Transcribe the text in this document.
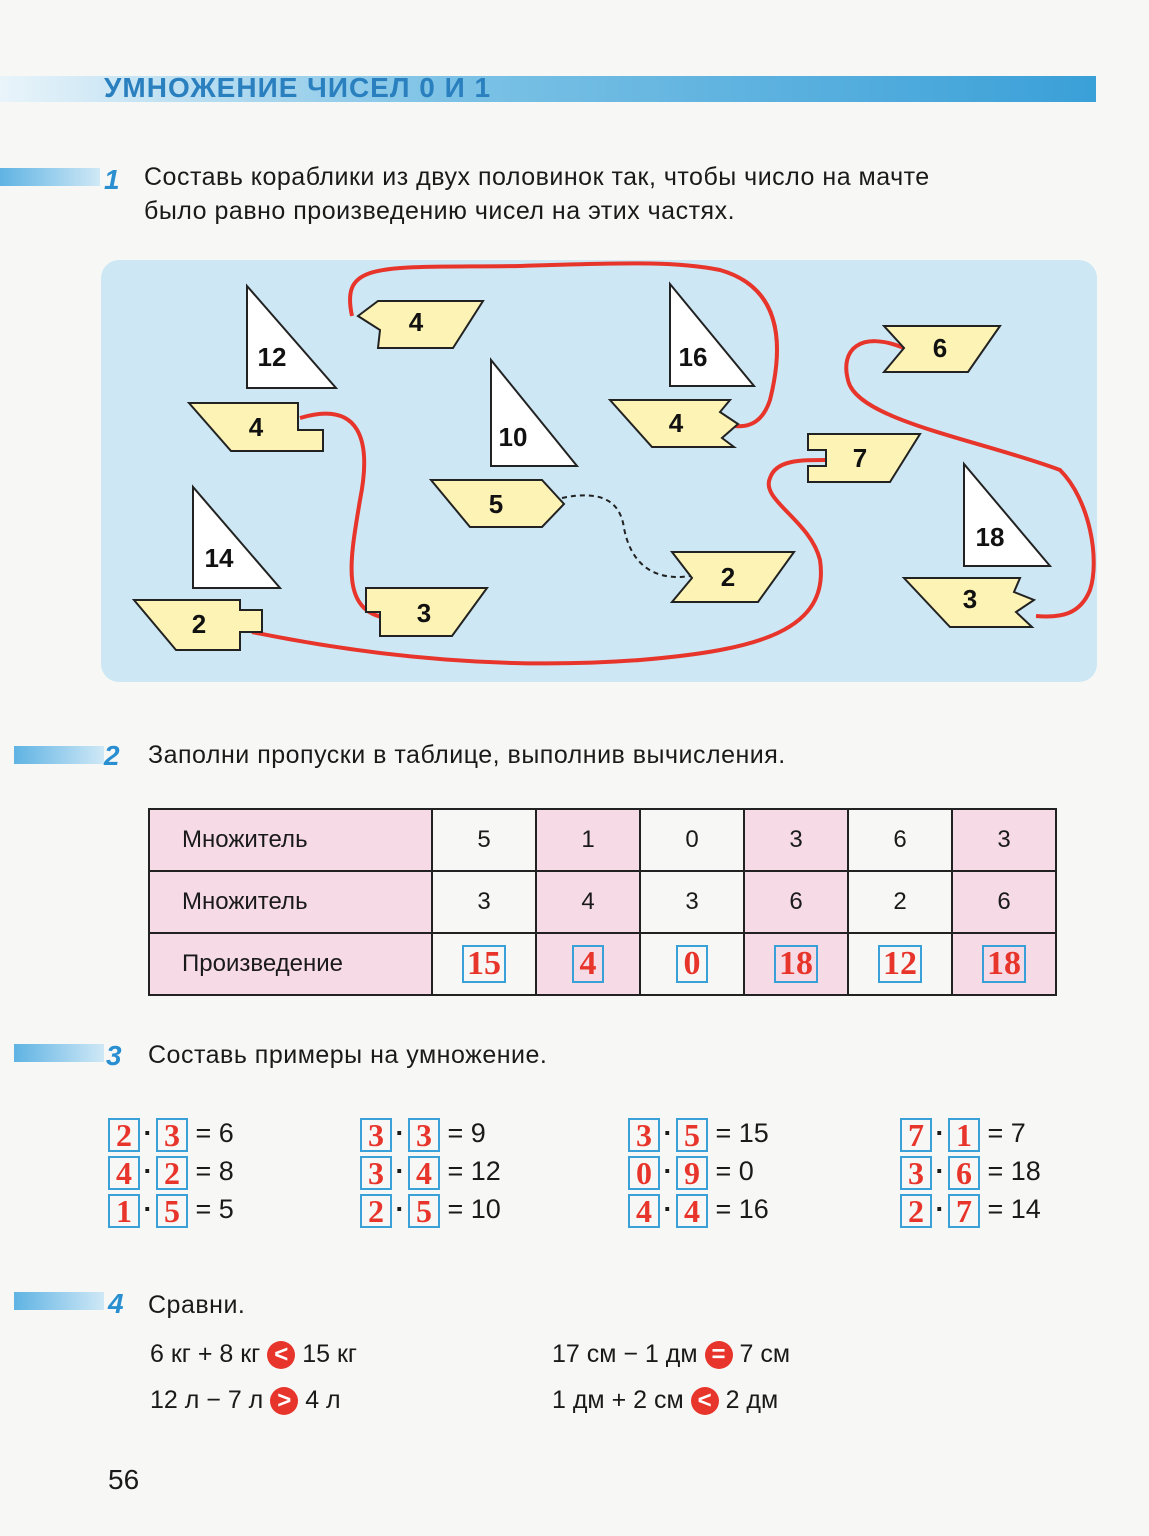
УМНОЖЕНИЕ ЧИСЕЛ 0 И 1
1 Составь кораблики из двух половинок так, чтобы число на мачте
было равно произведению чисел на этих частях.
12
14
10
16
18
4
2
5
4
3
4
3
2
6
7
2 Заполни пропуски в таблице, выполнив вычисления.
Множитель	5	1	0	3	6	3
Множитель	3	4	3	6	2	6
Произведение	15	4	0	18	12	18
3 Составь примеры на умножение.
2 · 3 = 6
4 · 2 = 8
1 · 5 = 5
3 · 3 = 9
3 · 4 = 12
2 · 5 = 10
3 · 5 = 15
0 · 9 = 0
4 · 4 = 16
7 · 1 = 7
3 · 6 = 18
2 · 7 = 14
4 Сравни.
6 кг + 8 кг < 15 кг
12 л − 7 л > 4 л
17 см − 1 дм = 7 см
1 дм + 2 см < 2 дм
56
